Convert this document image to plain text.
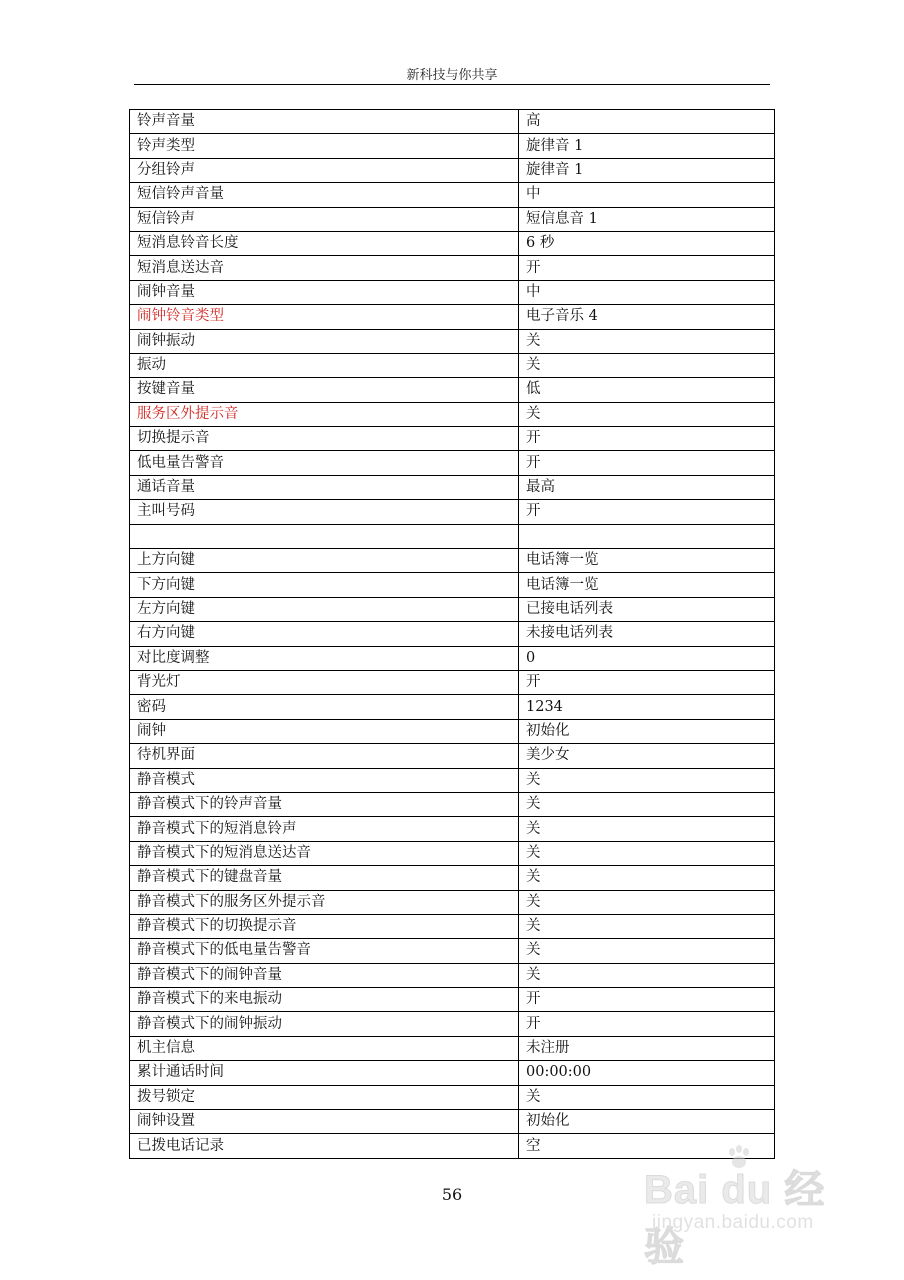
新科技与你共享
铃声音量	高
铃声类型	旋律音 1
分组铃声	旋律音 1
短信铃声音量	中
短信铃声	短信息音 1
短消息铃音长度	6 秒
短消息送达音	开
闹钟音量	中
闹钟铃音类型	电子音乐 4
闹钟振动	关
振动	关
按键音量	低
服务区外提示音	关
切换提示音	开
低电量告警音	开
通话音量	最高
主叫号码	开

上方向键	电话簿一览
下方向键	电话簿一览
左方向键	已接电话列表
右方向键	未接电话列表
对比度调整	0
背光灯	开
密码	1234
闹钟	初始化
待机界面	美少女
静音模式	关
静音模式下的铃声音量	关
静音模式下的短消息铃声	关
静音模式下的短消息送达音	关
静音模式下的键盘音量	关
静音模式下的服务区外提示音	关
静音模式下的切换提示音	关
静音模式下的低电量告警音	关
静音模式下的闹钟音量	关
静音模式下的来电振动	开
静音模式下的闹钟振动	开
机主信息	未注册
累计通话时间	00:00:00
拨号锁定	关
闹钟设置	初始化
已拨电话记录	空
56	Bai du 经验
jingyan.baidu.com
